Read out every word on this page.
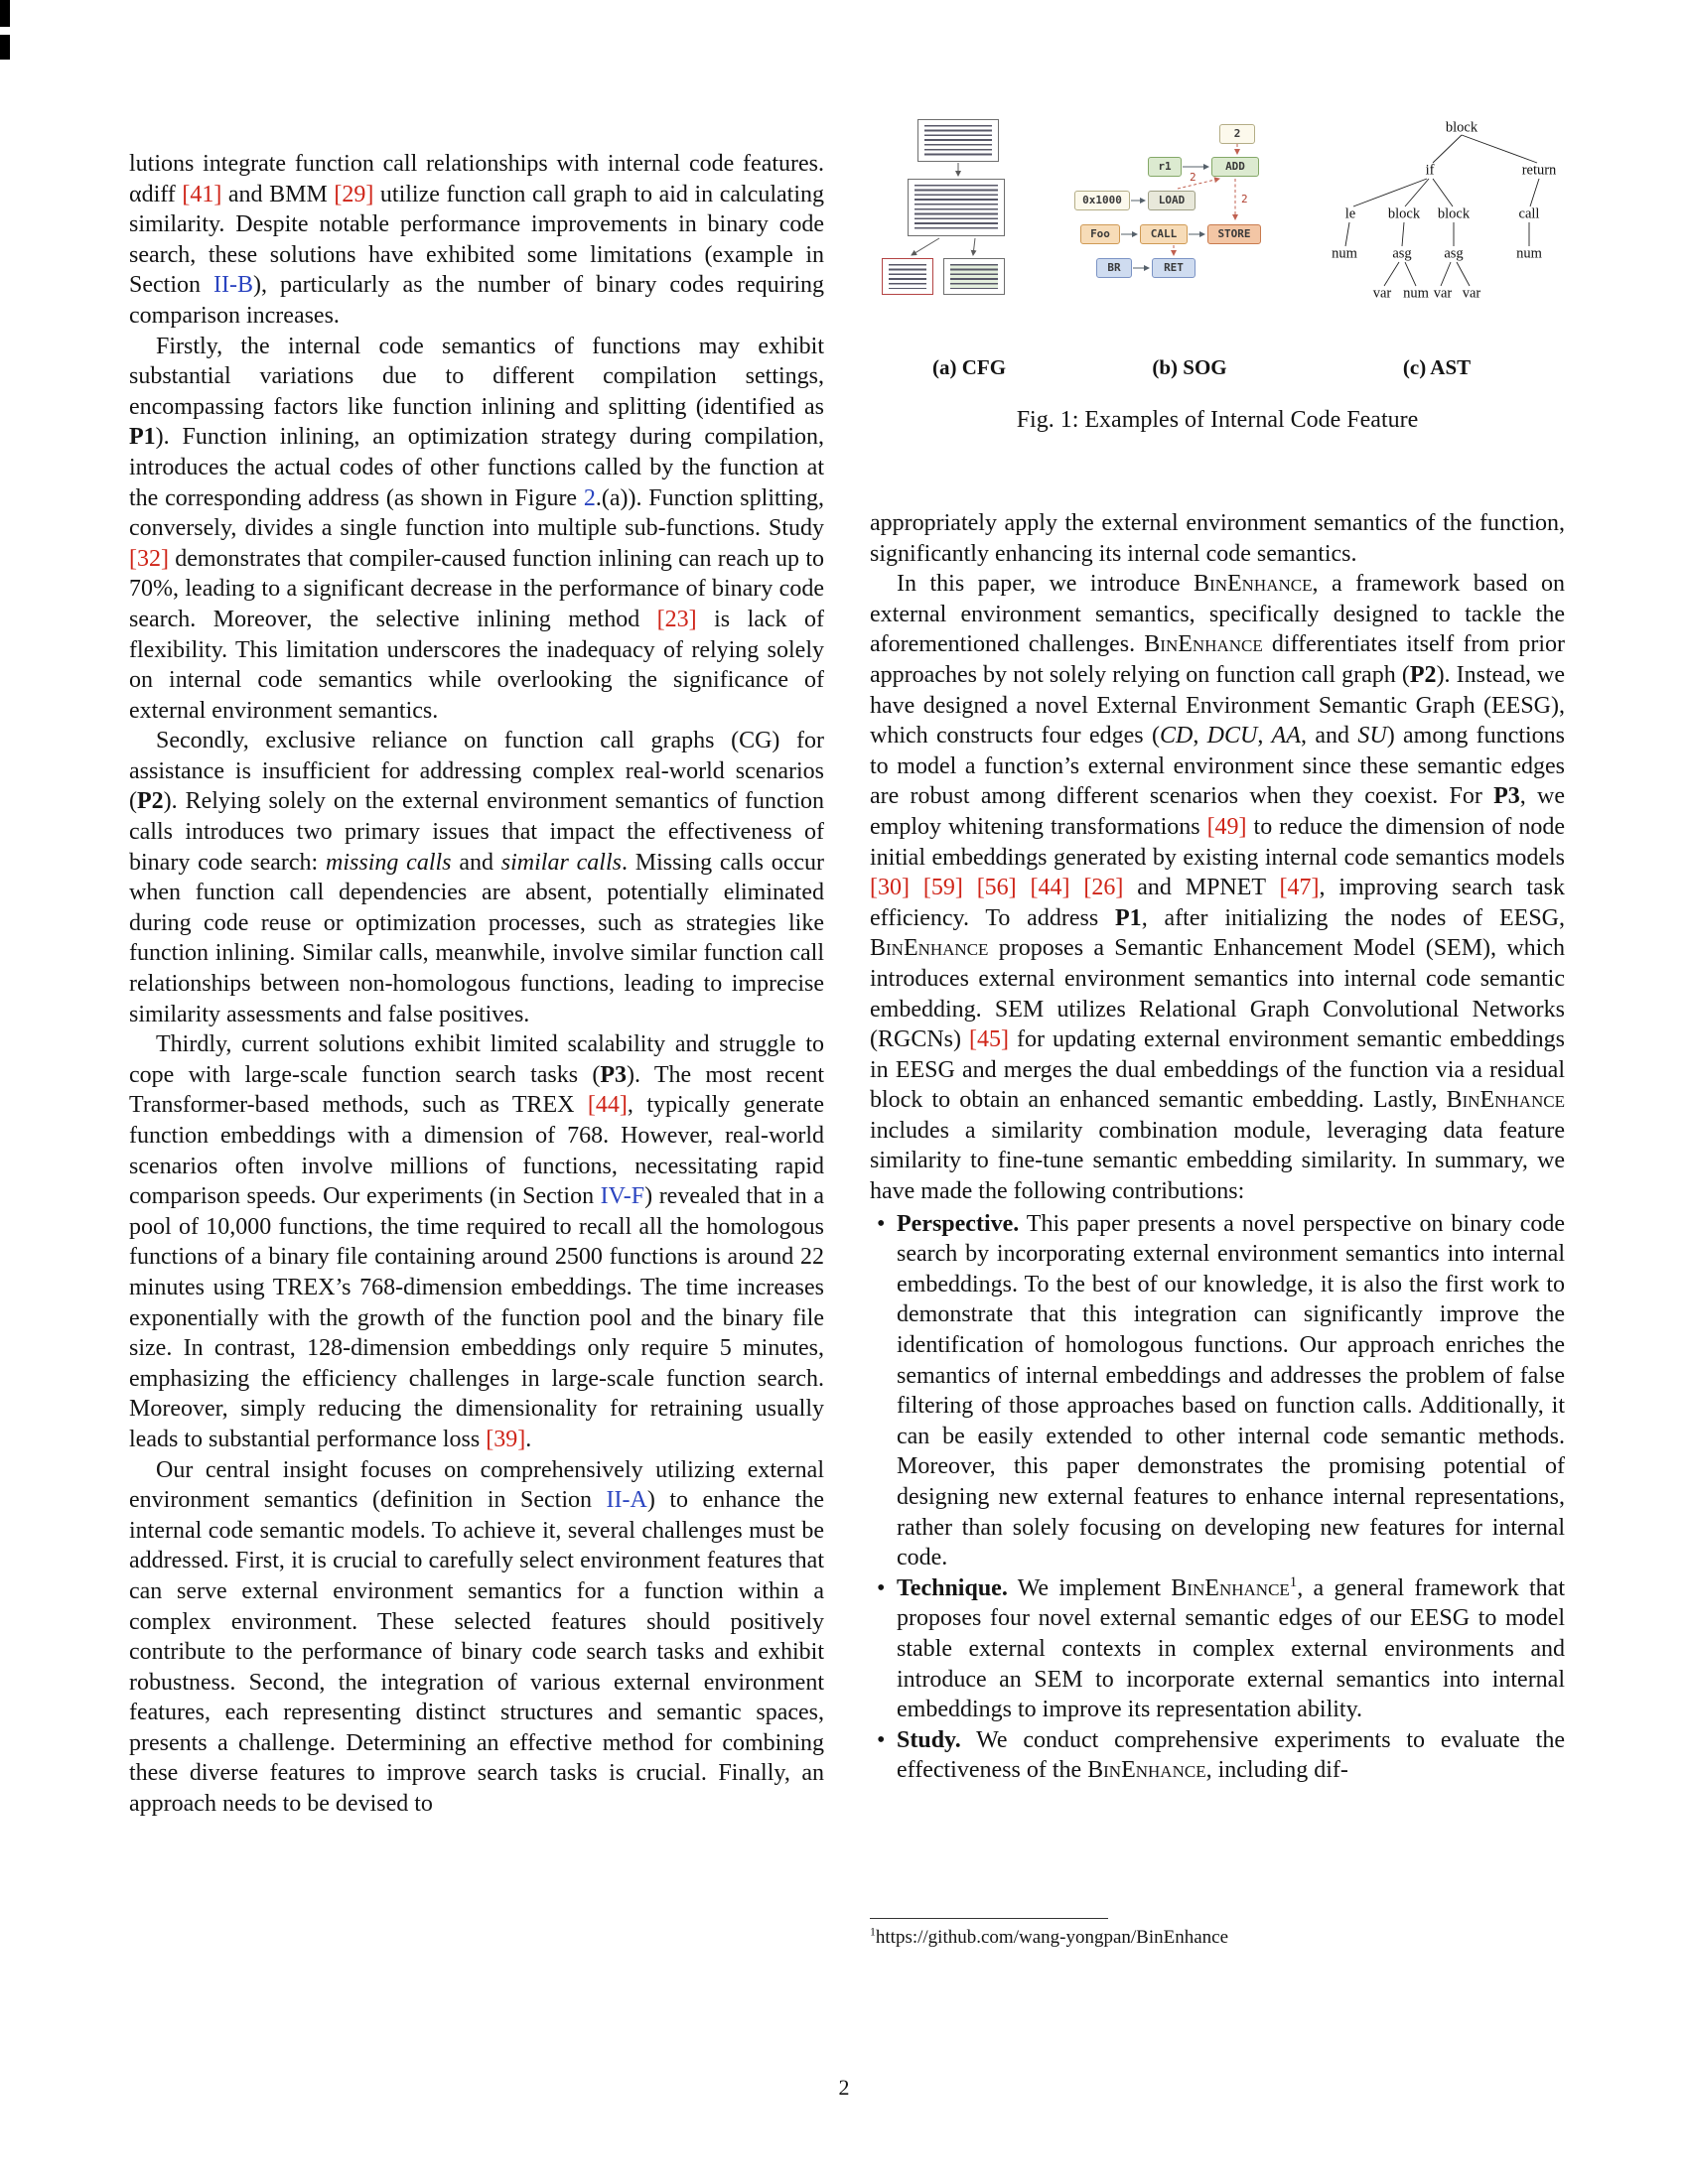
lutions integrate function call relationships with internal code features. αdiff [41] and BMM [29] utilize function call graph to aid in calculating similarity. Despite notable performance improvements in binary code search, these solutions have exhibited some limitations (example in Section II-B), particularly as the number of binary codes requiring comparison increases.

Firstly, the internal code semantics of functions may exhibit substantial variations due to different compilation settings, encompassing factors like function inlining and splitting (identified as P1). Function inlining, an optimization strategy during compilation, introduces the actual codes of other functions called by the function at the corresponding address (as shown in Figure 2.(a)). Function splitting, conversely, divides a single function into multiple sub-functions. Study [32] demonstrates that compiler-caused function inlining can reach up to 70%, leading to a significant decrease in the performance of binary code search. Moreover, the selective inlining method [23] is lack of flexibility. This limitation underscores the inadequacy of relying solely on internal code semantics while overlooking the significance of external environment semantics.

Secondly, exclusive reliance on function call graphs (CG) for assistance is insufficient for addressing complex real-world scenarios (P2). Relying solely on the external environment semantics of function calls introduces two primary issues that impact the effectiveness of binary code search: missing calls and similar calls. Missing calls occur when function call dependencies are absent, potentially eliminated during code reuse or optimization processes, such as strategies like function inlining. Similar calls, meanwhile, involve similar function call relationships between non-homologous functions, leading to imprecise similarity assessments and false positives.

Thirdly, current solutions exhibit limited scalability and struggle to cope with large-scale function search tasks (P3). The most recent Transformer-based methods, such as TREX [44], typically generate function embeddings with a dimension of 768. However, real-world scenarios often involve millions of functions, necessitating rapid comparison speeds. Our experiments (in Section IV-F) revealed that in a pool of 10,000 functions, the time required to recall all the homologous functions of a binary file containing around 2500 functions is around 22 minutes using TREX’s 768-dimension embeddings. The time increases exponentially with the growth of the function pool and the binary file size. In contrast, 128-dimension embeddings only require 5 minutes, emphasizing the efficiency challenges in large-scale function search. Moreover, simply reducing the dimensionality for retraining usually leads to substantial performance loss [39].

Our central insight focuses on comprehensively utilizing external environment semantics (definition in Section II-A) to enhance the internal code semantic models. To achieve it, several challenges must be addressed. First, it is crucial to carefully select environment features that can serve external environment semantics for a function within a complex environment. These selected features should positively contribute to the performance of binary code search tasks and exhibit robustness. Second, the integration of various external environment features, each representing distinct structures and semantic spaces, presents a challenge. Determining an effective method for combining these diverse features to improve search tasks is crucial. Finally, an approach needs to be devised to

2
r1	ADD
0x1000	LOAD
Foo	CALL	STORE
BR	RET
2
2
block
if	return
le block block	call
num asg asg	num
var num var var
(a) CFG	(b) SOG	(c) AST
Fig. 1: Examples of Internal Code Feature

appropriately apply the external environment semantics of the function, significantly enhancing its internal code semantics.

In this paper, we introduce BinEnhance, a framework based on external environment semantics, specifically designed to tackle the aforementioned challenges. BinEnhance differentiates itself from prior approaches by not solely relying on function call graph (P2). Instead, we have designed a novel External Environment Semantic Graph (EESG), which constructs four edges (CD, DCU, AA, and SU) among functions to model a function’s external environment since these semantic edges are robust among different scenarios when they coexist. For P3, we employ whitening transformations [49] to reduce the dimension of node initial embeddings generated by existing internal code semantics models [30] [59] [56] [44] [26] and MPNET [47], improving search task efficiency. To address P1, after initializing the nodes of EESG, BinEnhance proposes a Semantic Enhancement Model (SEM), which introduces external environment semantics into internal code semantic embedding. SEM utilizes Relational Graph Convolutional Networks (RGCNs) [45] for updating external environment semantic embeddings in EESG and merges the dual embeddings of the function via a residual block to obtain an enhanced semantic embedding. Lastly, BinEnhance includes a similarity combination module, leveraging data feature similarity to fine-tune semantic embedding similarity. In summary, we have made the following contributions:

• Perspective. This paper presents a novel perspective on binary code search by incorporating external environment semantics into internal embeddings. To the best of our knowledge, it is also the first work to demonstrate that this integration can significantly improve the identification of homologous functions. Our approach enriches the semantics of internal embeddings and addresses the problem of false filtering of those approaches based on function calls. Additionally, it can be easily extended to other internal code semantic methods. Moreover, this paper demonstrates the promising potential of designing new external features to enhance internal representations, rather than solely focusing on developing new features for internal code.
• Technique. We implement BinEnhance$^1$, a general framework that proposes four novel external semantic edges of our EESG to model stable external contexts in complex external environments and introduce an SEM to incorporate external semantics into internal embeddings to improve its representation ability.
• Study. We conduct comprehensive experiments to evaluate the effectiveness of the BinEnhance, including dif-
$^1$https://github.com/wang-yongpan/BinEnhance
2
